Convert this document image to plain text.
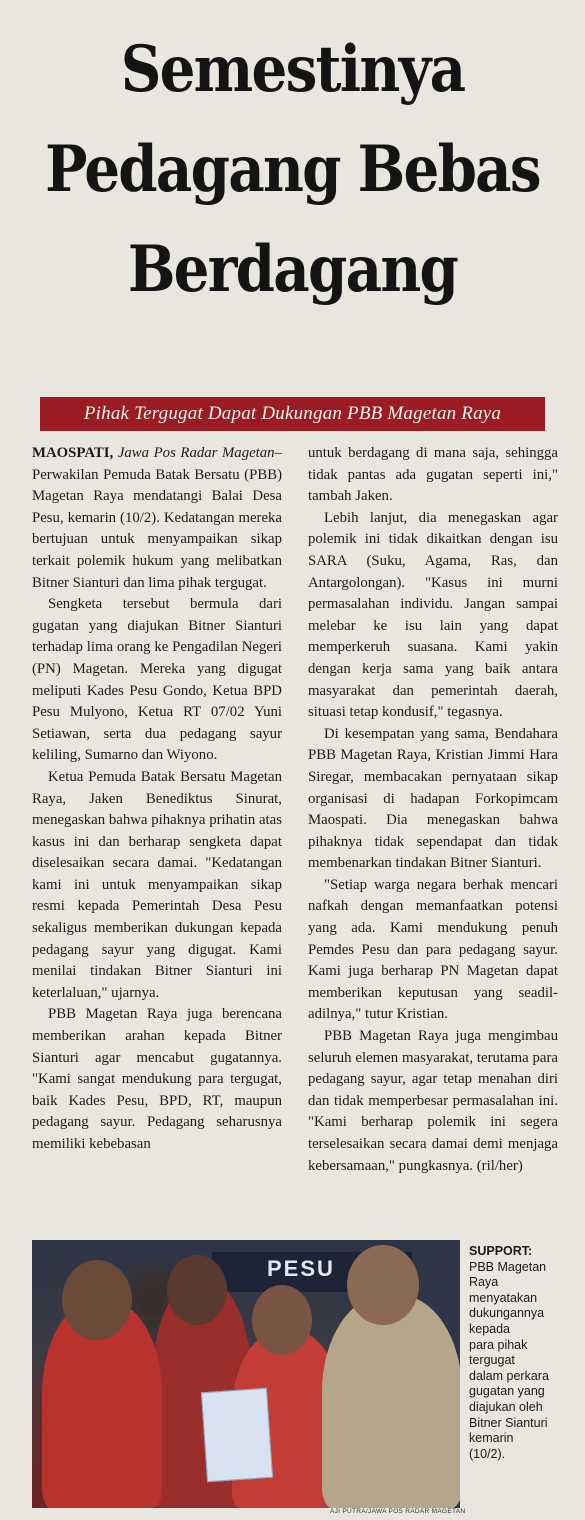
Semestinya
Pedagang Bebas
Berdagang
Pihak Tergugat Dapat Dukungan PBB Magetan Raya

MAOSPATI, Jawa Pos Radar Magetan– Perwakilan Pemuda Batak Bersatu (PBB) Magetan Raya mendatangi Balai Desa Pesu, kemarin (10/2). Kedatangan mereka bertujuan untuk menyampaikan sikap terkait polemik hukum yang melibatkan Bitner Sianturi dan lima pihak tergugat.

Sengketa tersebut bermula dari gugatan yang diajukan Bitner Sianturi terhadap lima orang ke Pengadilan Negeri (PN) Magetan. Mereka yang digugat meliputi Kades Pesu Gondo, Ketua BPD Pesu Mulyono, Ketua RT 07/02 Yuni Setiawan, serta dua pedagang sayur keliling, Sumarno dan Wiyono.

Ketua Pemuda Batak Bersatu Magetan Raya, Jaken Benediktus Sinurat, menegaskan bahwa pihaknya prihatin atas kasus ini dan berharap sengketa dapat diselesaikan secara damai. "Kedatangan kami ini untuk menyampaikan sikap resmi kepada Pemerintah Desa Pesu sekaligus memberikan dukungan kepada pedagang sayur yang digugat. Kami menilai tindakan Bitner Sianturi ini keterlaluan," ujarnya.

PBB Magetan Raya juga berencana memberikan arahan kepada Bitner Sianturi agar mencabut gugatannya. "Kami sangat mendukung para tergugat, baik Kades Pesu, BPD, RT, maupun pedagang sayur. Pedagang seharusnya memiliki kebebasan

untuk berdagang di mana saja, sehingga tidak pantas ada gugatan seperti ini," tambah Jaken.

Lebih lanjut, dia menegaskan agar polemik ini tidak dikaitkan dengan isu SARA (Suku, Agama, Ras, dan Antargolongan). "Kasus ini murni permasalahan individu. Jangan sampai melebar ke isu lain yang dapat memperkeruh suasana. Kami yakin dengan kerja sama yang baik antara masyarakat dan pemerintah daerah, situasi tetap kondusif," tegasnya.

Di kesempatan yang sama, Bendahara PBB Magetan Raya, Kristian Jimmi Hara Siregar, membacakan pernyataan sikap organisasi di hadapan Forkopimcam Maospati. Dia menegaskan bahwa pihaknya tidak sependapat dan tidak membenarkan tindakan Bitner Sianturi.

"Setiap warga negara berhak mencari nafkah dengan memanfaatkan potensi yang ada. Kami mendukung penuh Pemdes Pesu dan para pedagang sayur. Kami juga berharap PN Magetan dapat memberikan keputusan yang seadil-adilnya," tutur Kristian.

PBB Magetan Raya juga mengimbau seluruh elemen masyarakat, terutama para pedagang sayur, agar tetap menahan diri dan tidak memperbesar permasalahan ini. "Kami berharap polemik ini segera terselesaikan secara damai demi menjaga kebersamaan," pungkasnya. (ril/her)

PESU
AJI PUTRA/JAWA POS RADAR MAGETAN
SUPPORT:
PBB Magetan
Raya
menyatakan
dukungannya
kepada
para pihak
tergugat
dalam perkara
gugatan yang
diajukan oleh
Bitner Sianturi
kemarin
(10/2).
